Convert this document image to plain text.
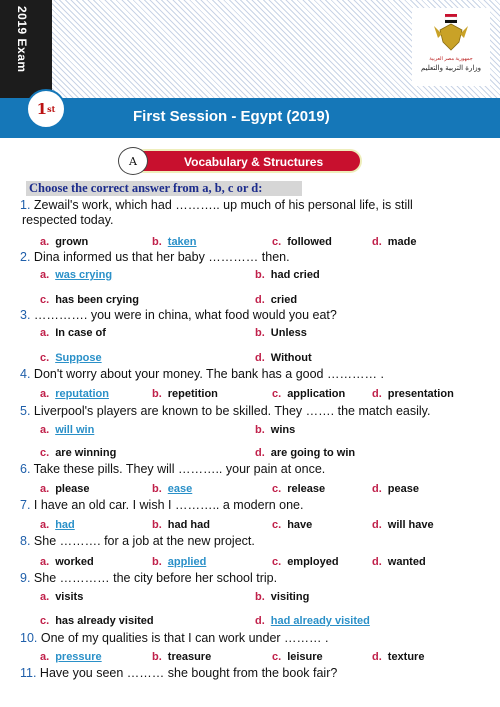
2019 Exam	جمهورية مصر العربية
وزارة التربية والتعليم
1 st	First Session - Egypt (2019)
Vocabulary & Structures
A
Choose the correct answer from a, b, c or d:
1. Zewail's work, which had ……….. up much of his personal life, is still
respected today.
a. grown	b. taken	c. followed	d. made
2. Dina informed us that her baby ………… then.
a. was crying	b. had cried
c. has been crying	d. cried
3. …………. you were in china, what food would you eat?
a. In case of	b. Unless
c. Suppose	d. Without
4. Don't worry about your money. The bank has a good ………… .
a. reputation	b. repetition	c. application d. presentation
5. Liverpool's players are known to be skilled. They ……. the match easily.
a. will win	b. wins
c. are winning	d. are going to win
6. Take these pills. They will ……….. your pain at once.
a. please	b. ease	c. release	d. pease
7. I have an old car. I wish I ……….. a modern one.
a. had	b. had had	c. have	d. will have
8. She ………. for a job at the new project.
a. worked	b. applied	c. employed	d. wanted
9. She ………… the city before her school trip.
a. visits	b. visiting
c. has already visited	d. had already visited
10. One of my qualities is that I can work under ……… .
a. pressure	b. treasure	c. leisure	d. texture
11. Have you seen ……… she bought from the book fair?
